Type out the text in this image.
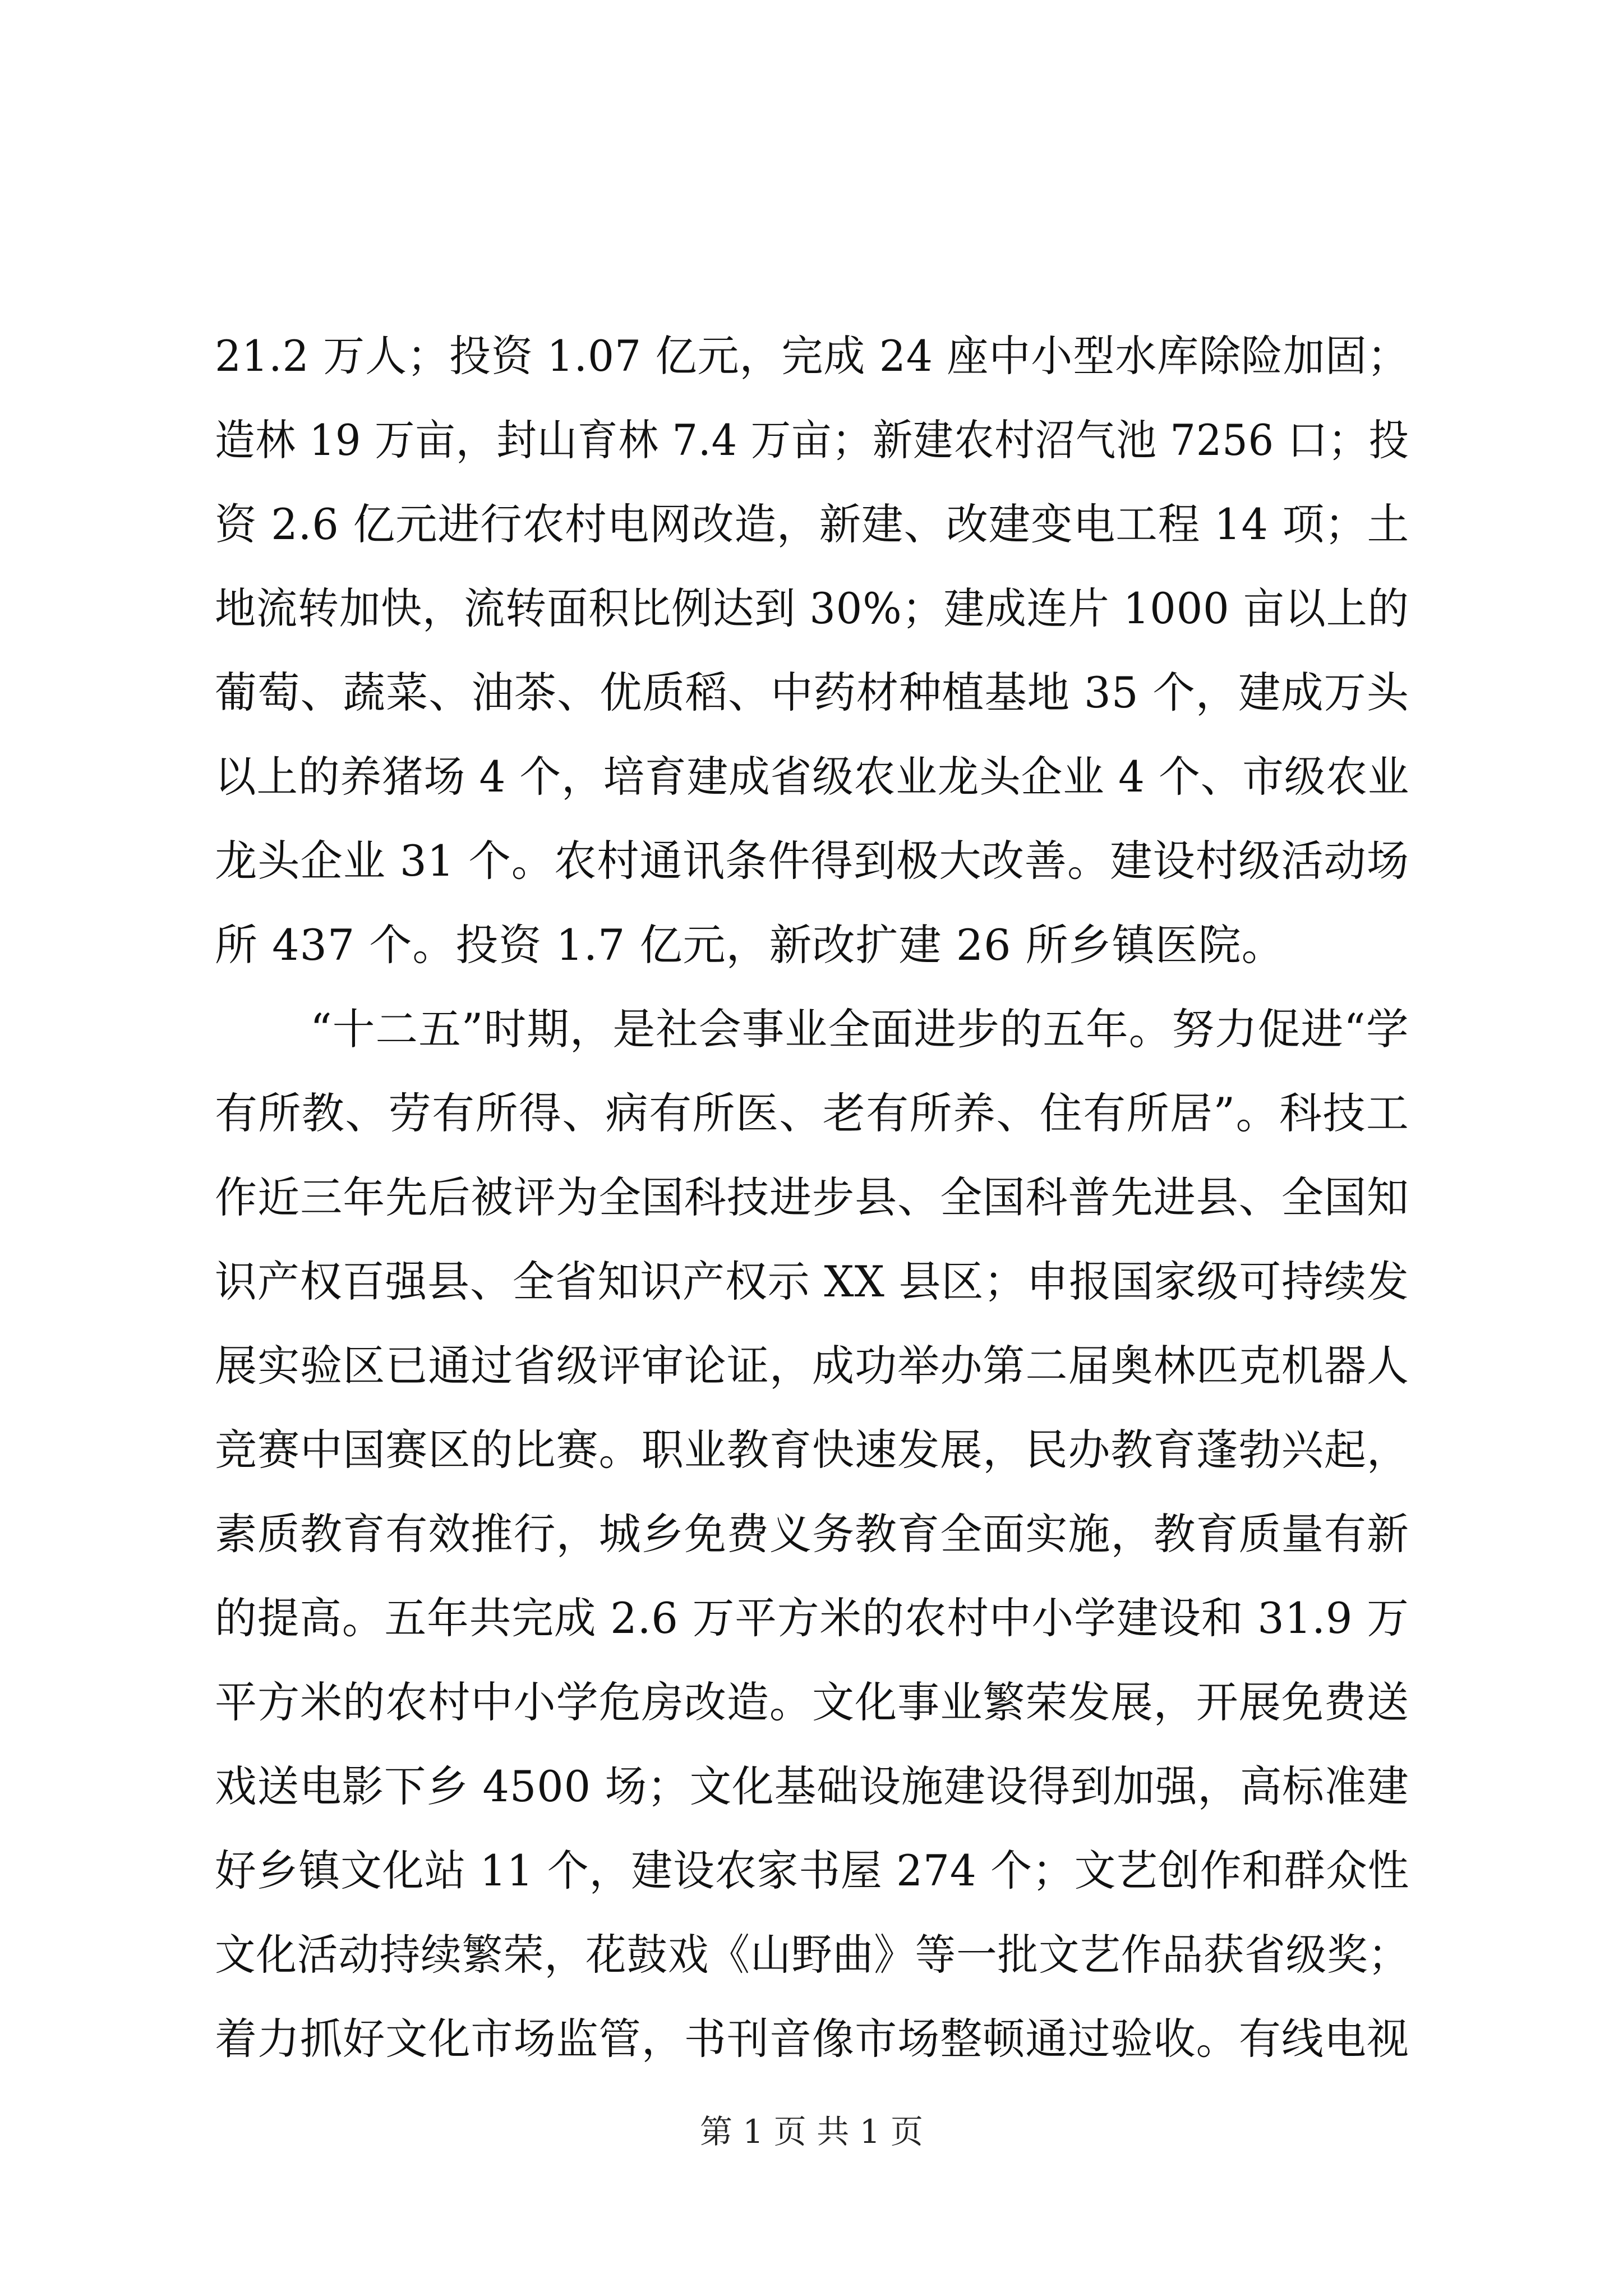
21.2 万人；投资 1.07 亿元，完成 24 座中小型水库除险加固；
造林 19 万亩，封山育林 7.4 万亩；新建农村沼气池 7256 口；投
资 2.6 亿元进行农村电网改造，新建、改建变电工程 14 项；土
地流转加快，流转面积比例达到 30%；建成连片 1000 亩以上的
葡萄、蔬菜、油茶、优质稻、中药材种植基地 35 个，建成万头
以上的养猪场 4 个，培育建成省级农业龙头企业 4 个、市级农业
龙头企业 31 个。农村通讯条件得到极大改善。建设村级活动场
所 437 个。投资 1.7 亿元，新改扩建 26 所乡镇医院。
“十二五”时期，是社会事业全面进步的五年。努力促进“学
有所教、劳有所得、病有所医、老有所养、住有所居”。科技工
作近三年先后被评为全国科技进步县、全国科普先进县、全国知
识产权百强县、全省知识产权示 XX 县区；申报国家级可持续发
展实验区已通过省级评审论证，成功举办第二届奥林匹克机器人
竞赛中国赛区的比赛。职业教育快速发展，民办教育蓬勃兴起，
素质教育有效推行，城乡免费义务教育全面实施，教育质量有新
的提高。五年共完成 2.6 万平方米的农村中小学建设和 31.9 万
平方米的农村中小学危房改造。文化事业繁荣发展，开展免费送
戏送电影下乡 4500 场；文化基础设施建设得到加强，高标准建
好乡镇文化站 11 个，建设农家书屋 274 个；文艺创作和群众性
文化活动持续繁荣，花鼓戏《山野曲》等一批文艺作品获省级奖；
着力抓好文化市场监管，书刊音像市场整顿通过验收。有线电视
第 1 页 共 1 页
